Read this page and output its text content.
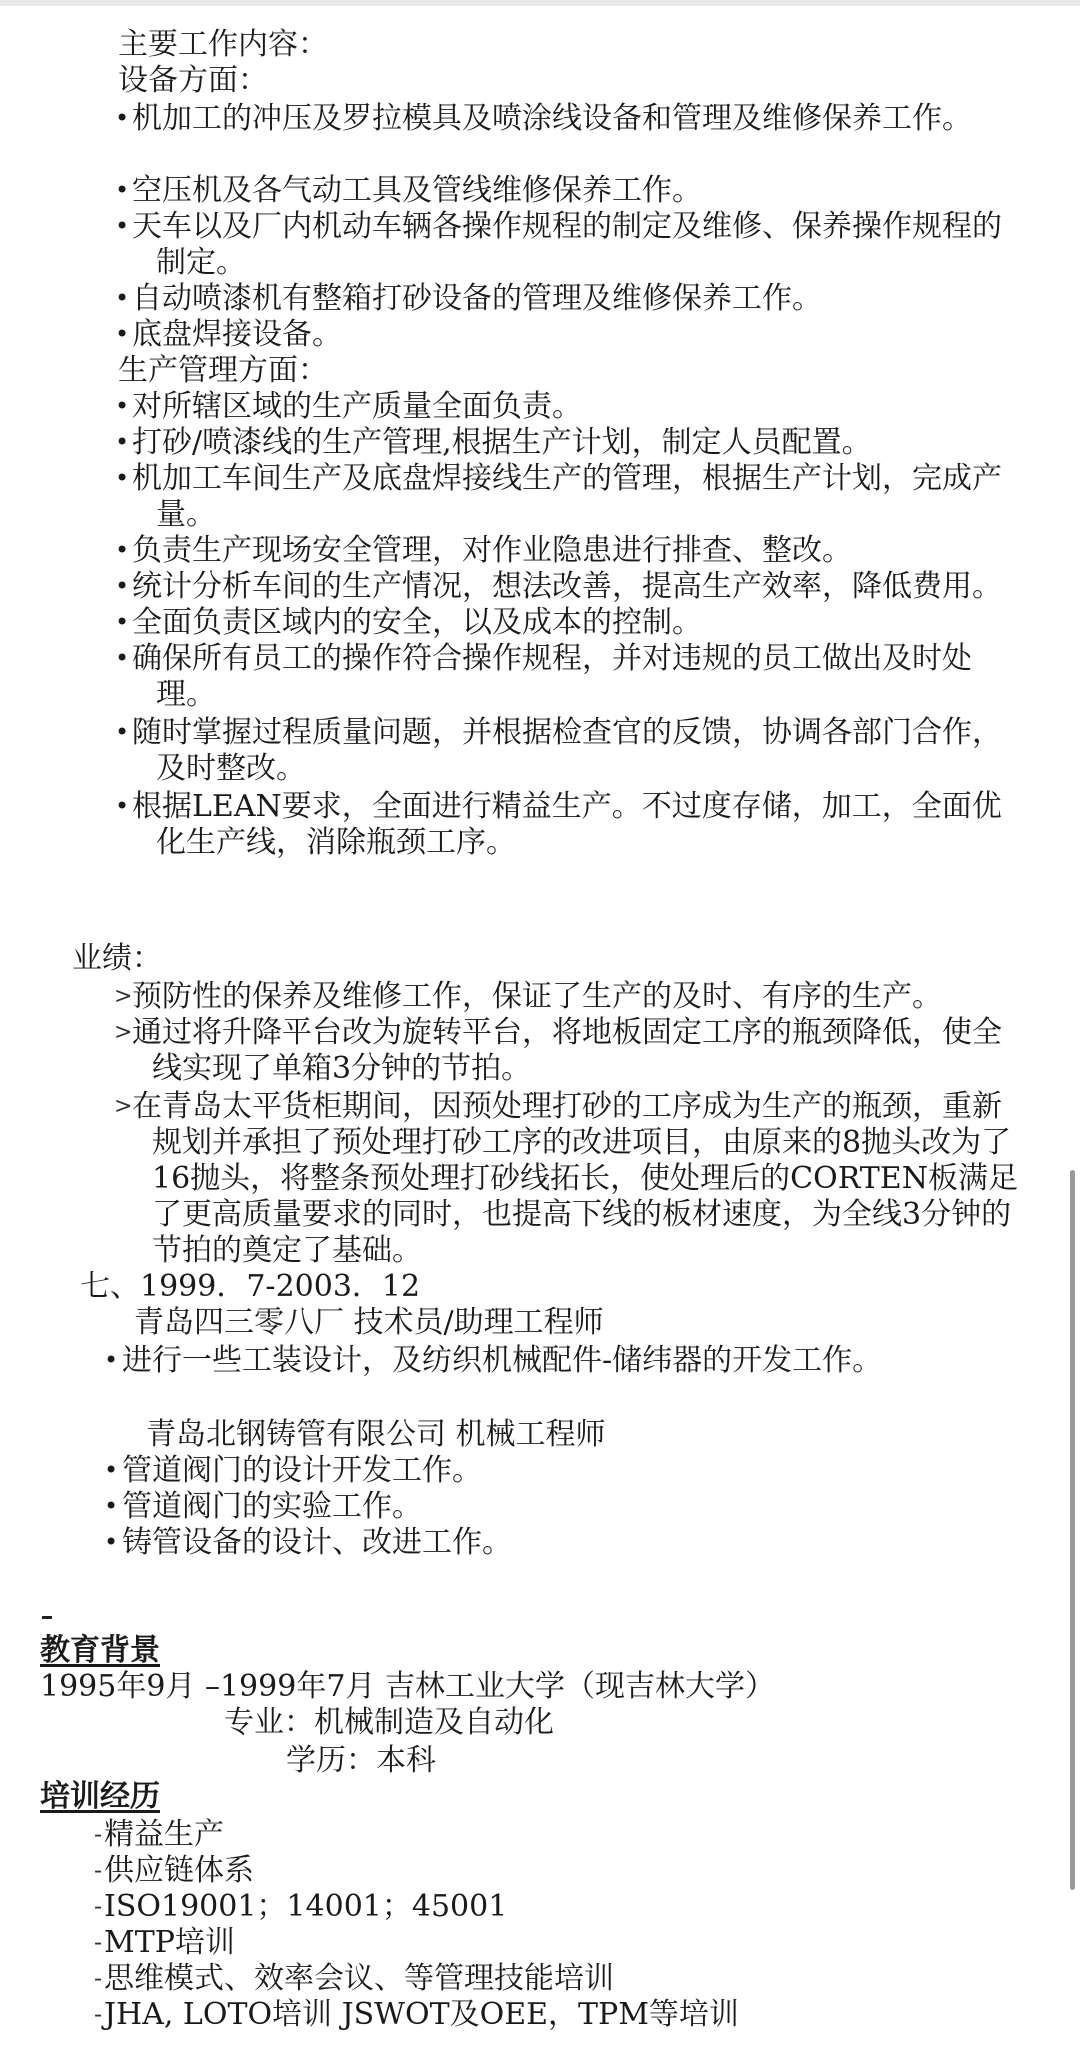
主要工作内容：
设备方面：
• 机加工的冲压及罗拉模具及喷涂线设备和管理及维修保养工作。
• 空压机及各气动工具及管线维修保养工作。
• 天车以及厂内机动车辆各操作规程的制定及维修、保养操作规程的
制定。
• 自动喷漆机有整箱打砂设备的管理及维修保养工作。
• 底盘焊接设备。
生产管理方面：
• 对所辖区域的生产质量全面负责。
• 打砂/喷漆线的生产管理,根据生产计划，制定人员配置。
• 机加工车间生产及底盘焊接线生产的管理，根据生产计划，完成产
量。
• 负责生产现场安全管理，对作业隐患进行排查、整改。
• 统计分析车间的生产情况，想法改善，提高生产效率，降低费用。
• 全面负责区域内的安全，以及成本的控制。
• 确保所有员工的操作符合操作规程，并对违规的员工做出及时处
理。
• 随时掌握过程质量问题，并根据检查官的反馈，协调各部门合作，
及时整改。
• 根据LEAN要求，全面进行精益生产。不过度存储，加工，全面优
化生产线，消除瓶颈工序。
业绩：
> 预防性的保养及维修工作，保证了生产的及时、有序的生产。
> 通过将升降平台改为旋转平台，将地板固定工序的瓶颈降低，使全
线实现了单箱3分钟的节拍。
> 在青岛太平货柜期间，因预处理打砂的工序成为生产的瓶颈，重新
规划并承担了预处理打砂工序的改进项目，由原来的8抛头改为了
16抛头，将整条预处理打砂线拓长，使处理后的CORTEN板满足
了更高质量要求的同时，也提高下线的板材速度，为全线3分钟的
节拍的奠定了基础。
七、1999．7-2003．12
青岛四三零八厂 技术员/助理工程师
• 进行一些工装设计，及纺织机械配件-储纬器的开发工作。
青岛北钢铸管有限公司 机械工程师
• 管道阀门的设计开发工作。
• 管道阀门的实验工作。
• 铸管设备的设计、改进工作。
教育背景
1995年9月 –1999年7月 吉林工业大学（现吉林大学）
专业：机械制造及自动化
学历：本科
培训经历
- 精益生产
- 供应链体系
- ISO19001；14001；45001
- MTP培训
- 思维模式、效率会议、等管理技能培训
- JHA, LOTO培训 JSWOT及OEE，TPM等培训
